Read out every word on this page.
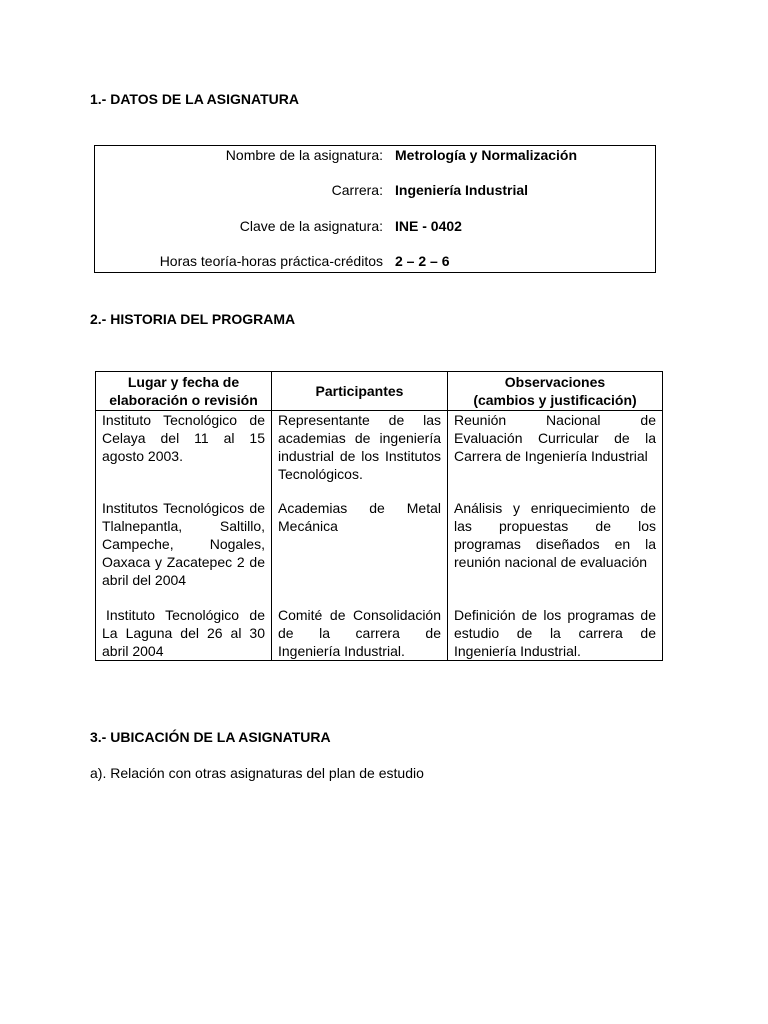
1.- DATOS DE LA ASIGNATURA
Nombre de la asignatura: Metrología y Normalización
Carrera: Ingeniería Industrial
Clave de la asignatura: INE - 0402
Horas teoría-horas práctica-créditos 2 – 2 – 6
2.- HISTORIA DEL PROGRAMA
Lugar y fecha de
elaboración o revisión	Participantes	Observaciones
(cambios y justificación)
Instituto Tecnológico de Celaya del 11 al 15 agosto 2003.	Representante de las academias de ingeniería industrial de los Institutos Tecnológicos.	Reunión Nacional de Evaluación Curricular de la Carrera de Ingeniería Industrial
Institutos Tecnológicos de Tlalnepantla, Saltillo, Campeche, Nogales, Oaxaca y Zacatepec 2 de abril del 2004	Academias de Metal Mecánica	Análisis y enriquecimiento de las propuestas de los programas diseñados en la reunión nacional de evaluación
Instituto Tecnológico de La Laguna del 26 al 30 abril 2004	Comité de Consolidación de la carrera de Ingeniería Industrial.	Definición de los programas de estudio de la carrera de Ingeniería Industrial.
3.- UBICACIÓN DE LA ASIGNATURA

a). Relación con otras asignaturas del plan de estudio
